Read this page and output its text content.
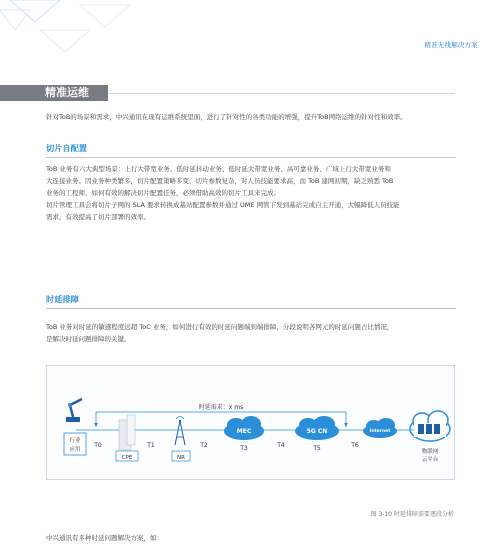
精准无线解决方案
精准运维
针对ToB的场景和需求，中兴通讯在现有运维系统里面，进行了针对性的各类功能的增强，提升ToB网络运维的针对性和效率。
切片自配置
ToB 业务有六大典型场景：上行大带宽业务、低时延抖动业务、低时延大带宽业务、高可靠业务、广域上行大带宽业务和
大连接业务。因业务种类繁多，切片配置策略多变，切片参数复杂，对人员技能要求高，而 ToB 建网初期，缺乏熟悉 ToB
业务的工程师，如何有效的解决切片配置任务，必须借助高效的切片工具来完成；
切片管理工具会将切片子网的 SLA 要求转换成基站配置参数并通过 UME 网管下发到基站完成自主开通，大幅降低人员技能
需求，有效提高了切片部署的效率。
时延排障
ToB 业务对时延的敏感程度远超 ToC 业务，如何进行有效的时延问题端到端排障，分段说明各网元的时延问题占比情况，
是解决时延问题排障的关键。
时延需求：x ms
行业
应用
CPE	NR
MEC	5G CN	Internet
物联网
云平台
T0	T1	T2	T3	T4	T5	T6
图 3-10 时延排障需要逐段分析
中兴通讯有多种时延问题解决方案，如：
